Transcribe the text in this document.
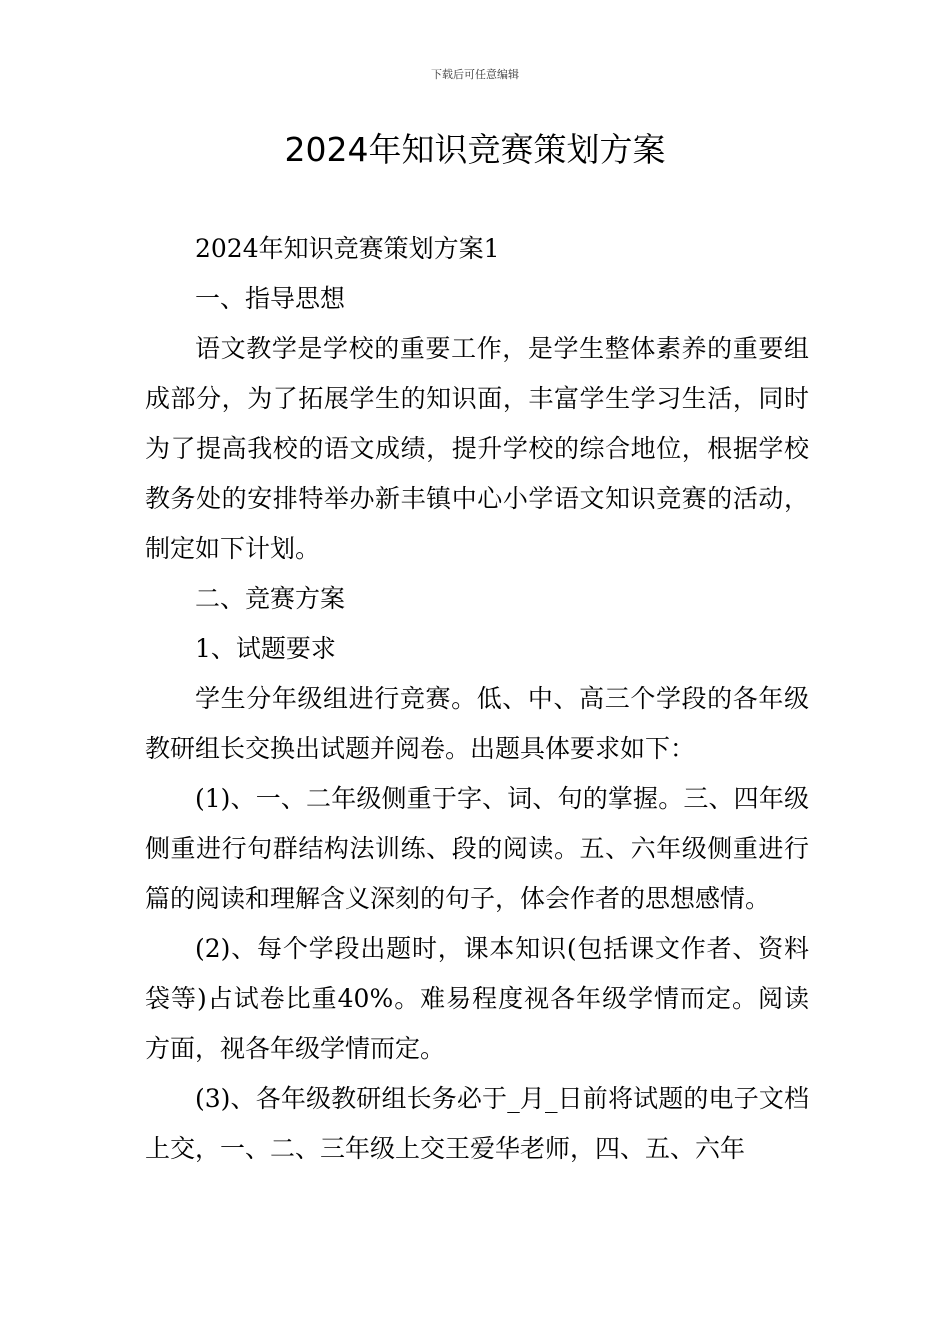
下载后可任意编辑
2024年知识竞赛策划方案

2024年知识竞赛策划方案1

一、指导思想

语文教学是学校的重要工作，是学生整体素养的重要组成部分，为了拓展学生的知识面，丰富学生学习生活，同时为了提高我校的语文成绩，提升学校的综合地位，根据学校教务处的安排特举办新丰镇中心小学语文知识竞赛的活动，制定如下计划。

二、竞赛方案

1、试题要求

学生分年级组进行竞赛。低、中、高三个学段的各年级教研组长交换出试题并阅卷。出题具体要求如下：

(1)、一、二年级侧重于字、词、句的掌握。三、四年级侧重进行句群结构法训练、段的阅读。五、六年级侧重进行篇的阅读和理解含义深刻的句子，体会作者的思想感情。

(2)、每个学段出题时，课本知识(包括课文作者、资料袋等)占试卷比重40%。难易程度视各年级学情而定。阅读方面，视各年级学情而定。

(3)、各年级教研组长务必于_月_日前将试题的电子文档上交，一、二、三年级上交王爱华老师，四、五、六年
